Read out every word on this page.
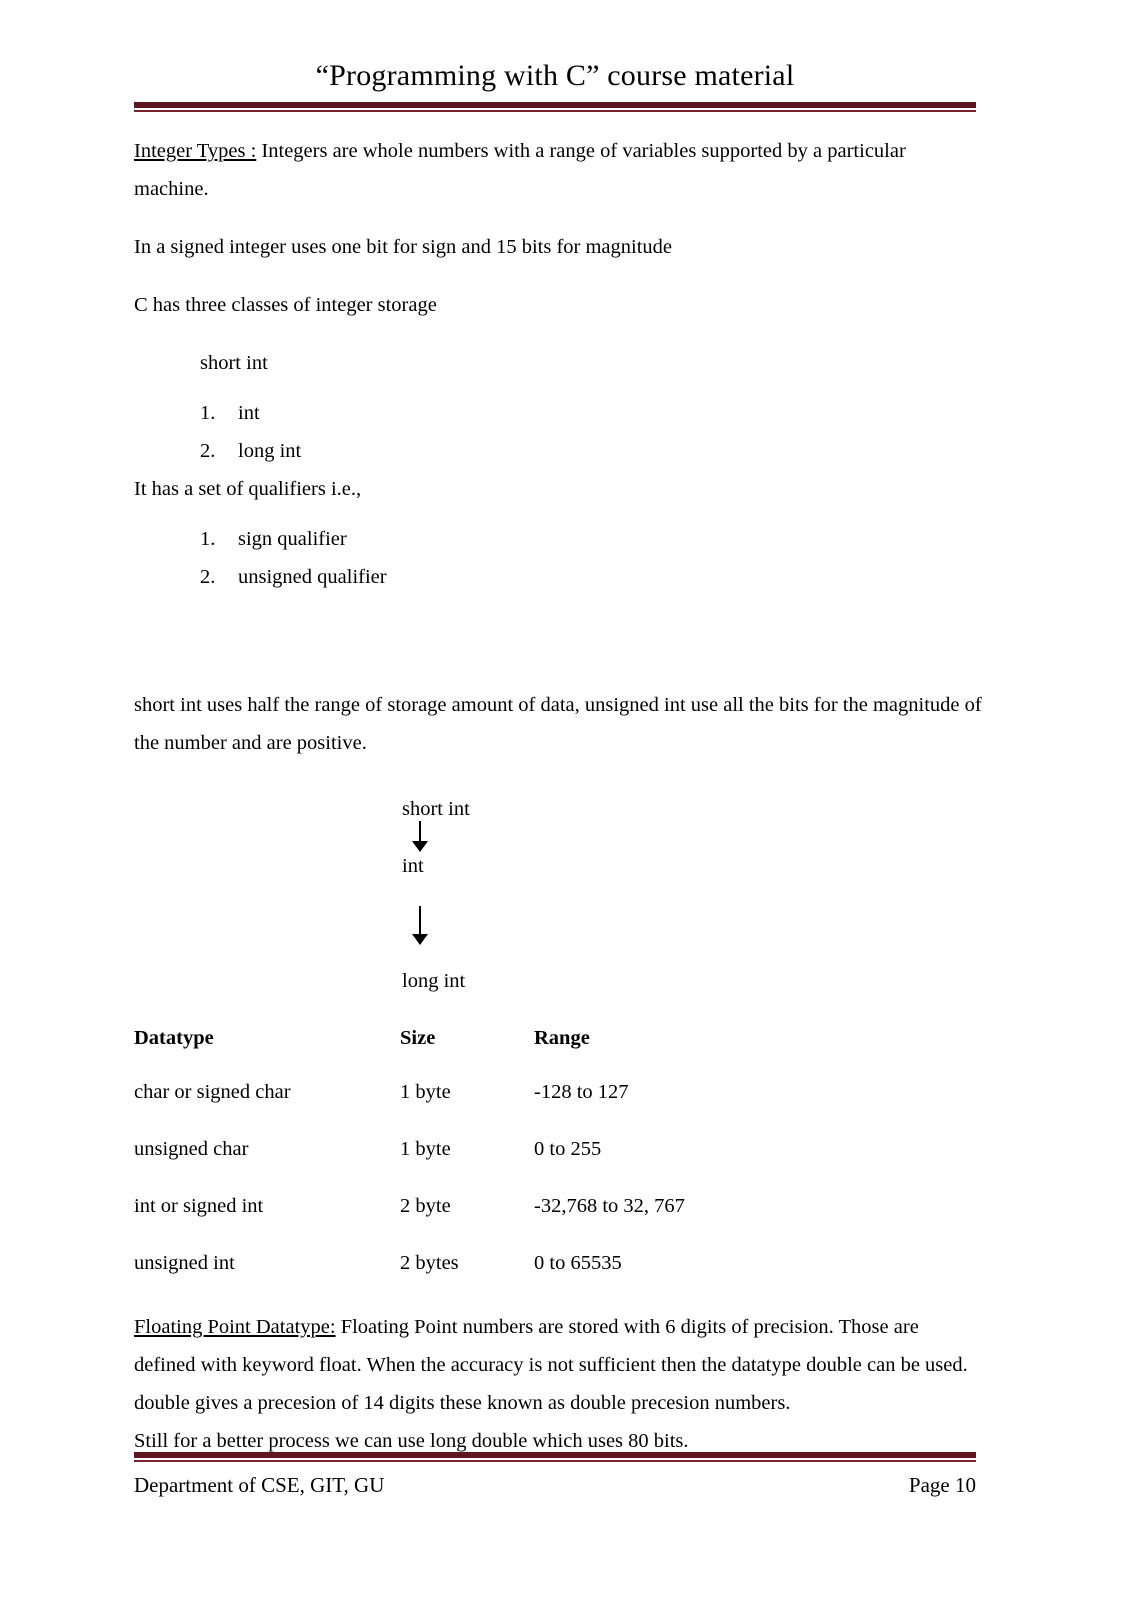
“Programming with C” course material

Integer Types : Integers are whole numbers with a range of variables supported by a particular machine.

In a signed integer uses one bit for sign and 15 bits for magnitude

C has three classes of integer storage

short int
1.	int
2.	long int

It has a set of qualifiers i.e.,

1.	sign qualifier
2.	unsigned qualifier

short int uses half the range of storage amount of data, unsigned int use all the bits for the magnitude of the number and are positive.

short int
int
long int
Datatype	Size	Range
char or signed char	1 byte	-128 to 127
unsigned char	1 byte	0 to 255
int or signed int	2 byte	-32,768 to 32, 767
unsigned int	2 bytes	0 to 65535

Floating Point Datatype: Floating Point numbers are stored with 6 digits of precision. Those are defined with keyword float. When the accuracy is not sufficient then the datatype double can be used. double gives a precesion of 14 digits these known as double precesion numbers.

Still for a better process we can use long double which uses 80 bits.

Department of CSE, GIT, GU	Page 10
